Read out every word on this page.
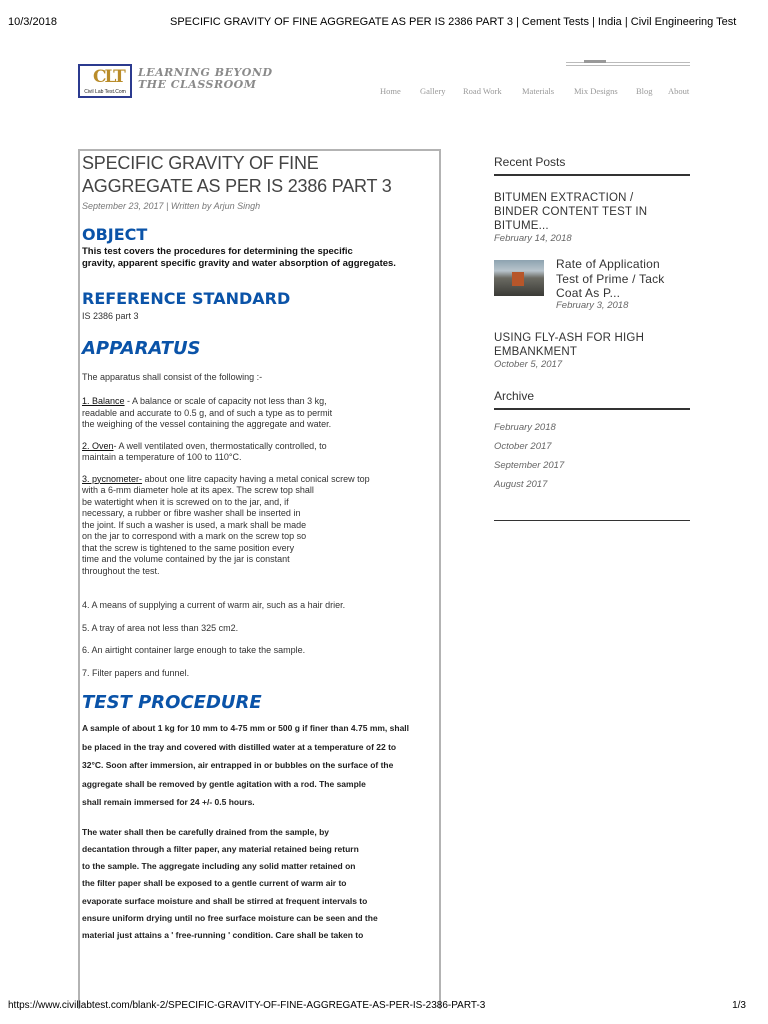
10/3/2018	SPECIFIC GRAVITY OF FINE AGGREGATE AS PER IS 2386 PART 3 | Cement Tests | India | Civil Engineering Test
CLT
Civil Lab Test.Com
LEARNING BEYOND
THE CLASSROOM	Home Gallery Road Work Materials Mix Designs Blog About
SPECIFIC GRAVITY OF FINE
AGGREGATE AS PER IS 2386 PART 3
September 23, 2017 | Written by Arjun Singh
OBJECT
This test covers the procedures for determining the specific
gravity, apparent specific gravity and water absorption of aggregates.
REFERENCE STANDARD
IS 2386 part 3
APPARATUS
The apparatus shall consist of the following :-
1. Balance - A balance or scale of capacity not less than 3 kg,
readable and accurate to 0.5 g, and of such a type as to permit
the weighing of the vessel containing the aggregate and water.
2. Oven- A well ventilated oven, thermostatically controlled, to
maintain a temperature of 100 to 110°C.
3. pycnometer- about one litre capacity having a metal conical screw top
with a 6-mm diameter hole at its apex. The screw top shall
be watertight when it is screwed on to the jar, and, if
necessary, a rubber or fibre washer shall be inserted in
the joint. If such a washer is used, a mark shall be made
on the jar to correspond with a mark on the screw top so
that the screw is tightened to the same position every
time and the volume contained by the jar is constant
throughout the test.
4. A means of supplying a current of warm air, such as a hair drier.
5. A tray of area not less than 325 cm2.
6. An airtight container large enough to take the sample.
7. Filter papers and funnel.
TEST PROCEDURE
A sample of about 1 kg for 10 mm to 4-75 mm or 500 g if finer than 4.75 mm, shall
be placed in the tray and covered with distilled water at a temperature of 22 to
32°C. Soon after immersion, air entrapped in or bubbles on the surface of the
aggregate shall be removed by gentle agitation with a rod. The sample
shall remain immersed for 24 +/- 0.5 hours.
The water shall then be carefully drained from the sample, by
decantation through a filter paper, any material retained being return
to the sample. The aggregate including any solid matter retained on
the filter paper shall be exposed to a gentle current of warm air to
evaporate surface moisture and shall be stirred at frequent intervals to
ensure uniform drying until no free surface moisture can be seen and the
material just attains a ' free-running ' condition. Care shall be taken to
Recent Posts
BITUMEN EXTRACTION /
BINDER CONTENT TEST IN
BITUME...
February 14, 2018
Rate of Application
Test of Prime / Tack
Coat As P...
February 3, 2018
USING FLY-ASH FOR HIGH
EMBANKMENT
October 5, 2017
Archive
February 2018
October 2017
September 2017
August 2017
https://www.civillabtest.com/blank-2/SPECIFIC-GRAVITY-OF-FINE-AGGREGATE-AS-PER-IS-2386-PART-3	1/3
